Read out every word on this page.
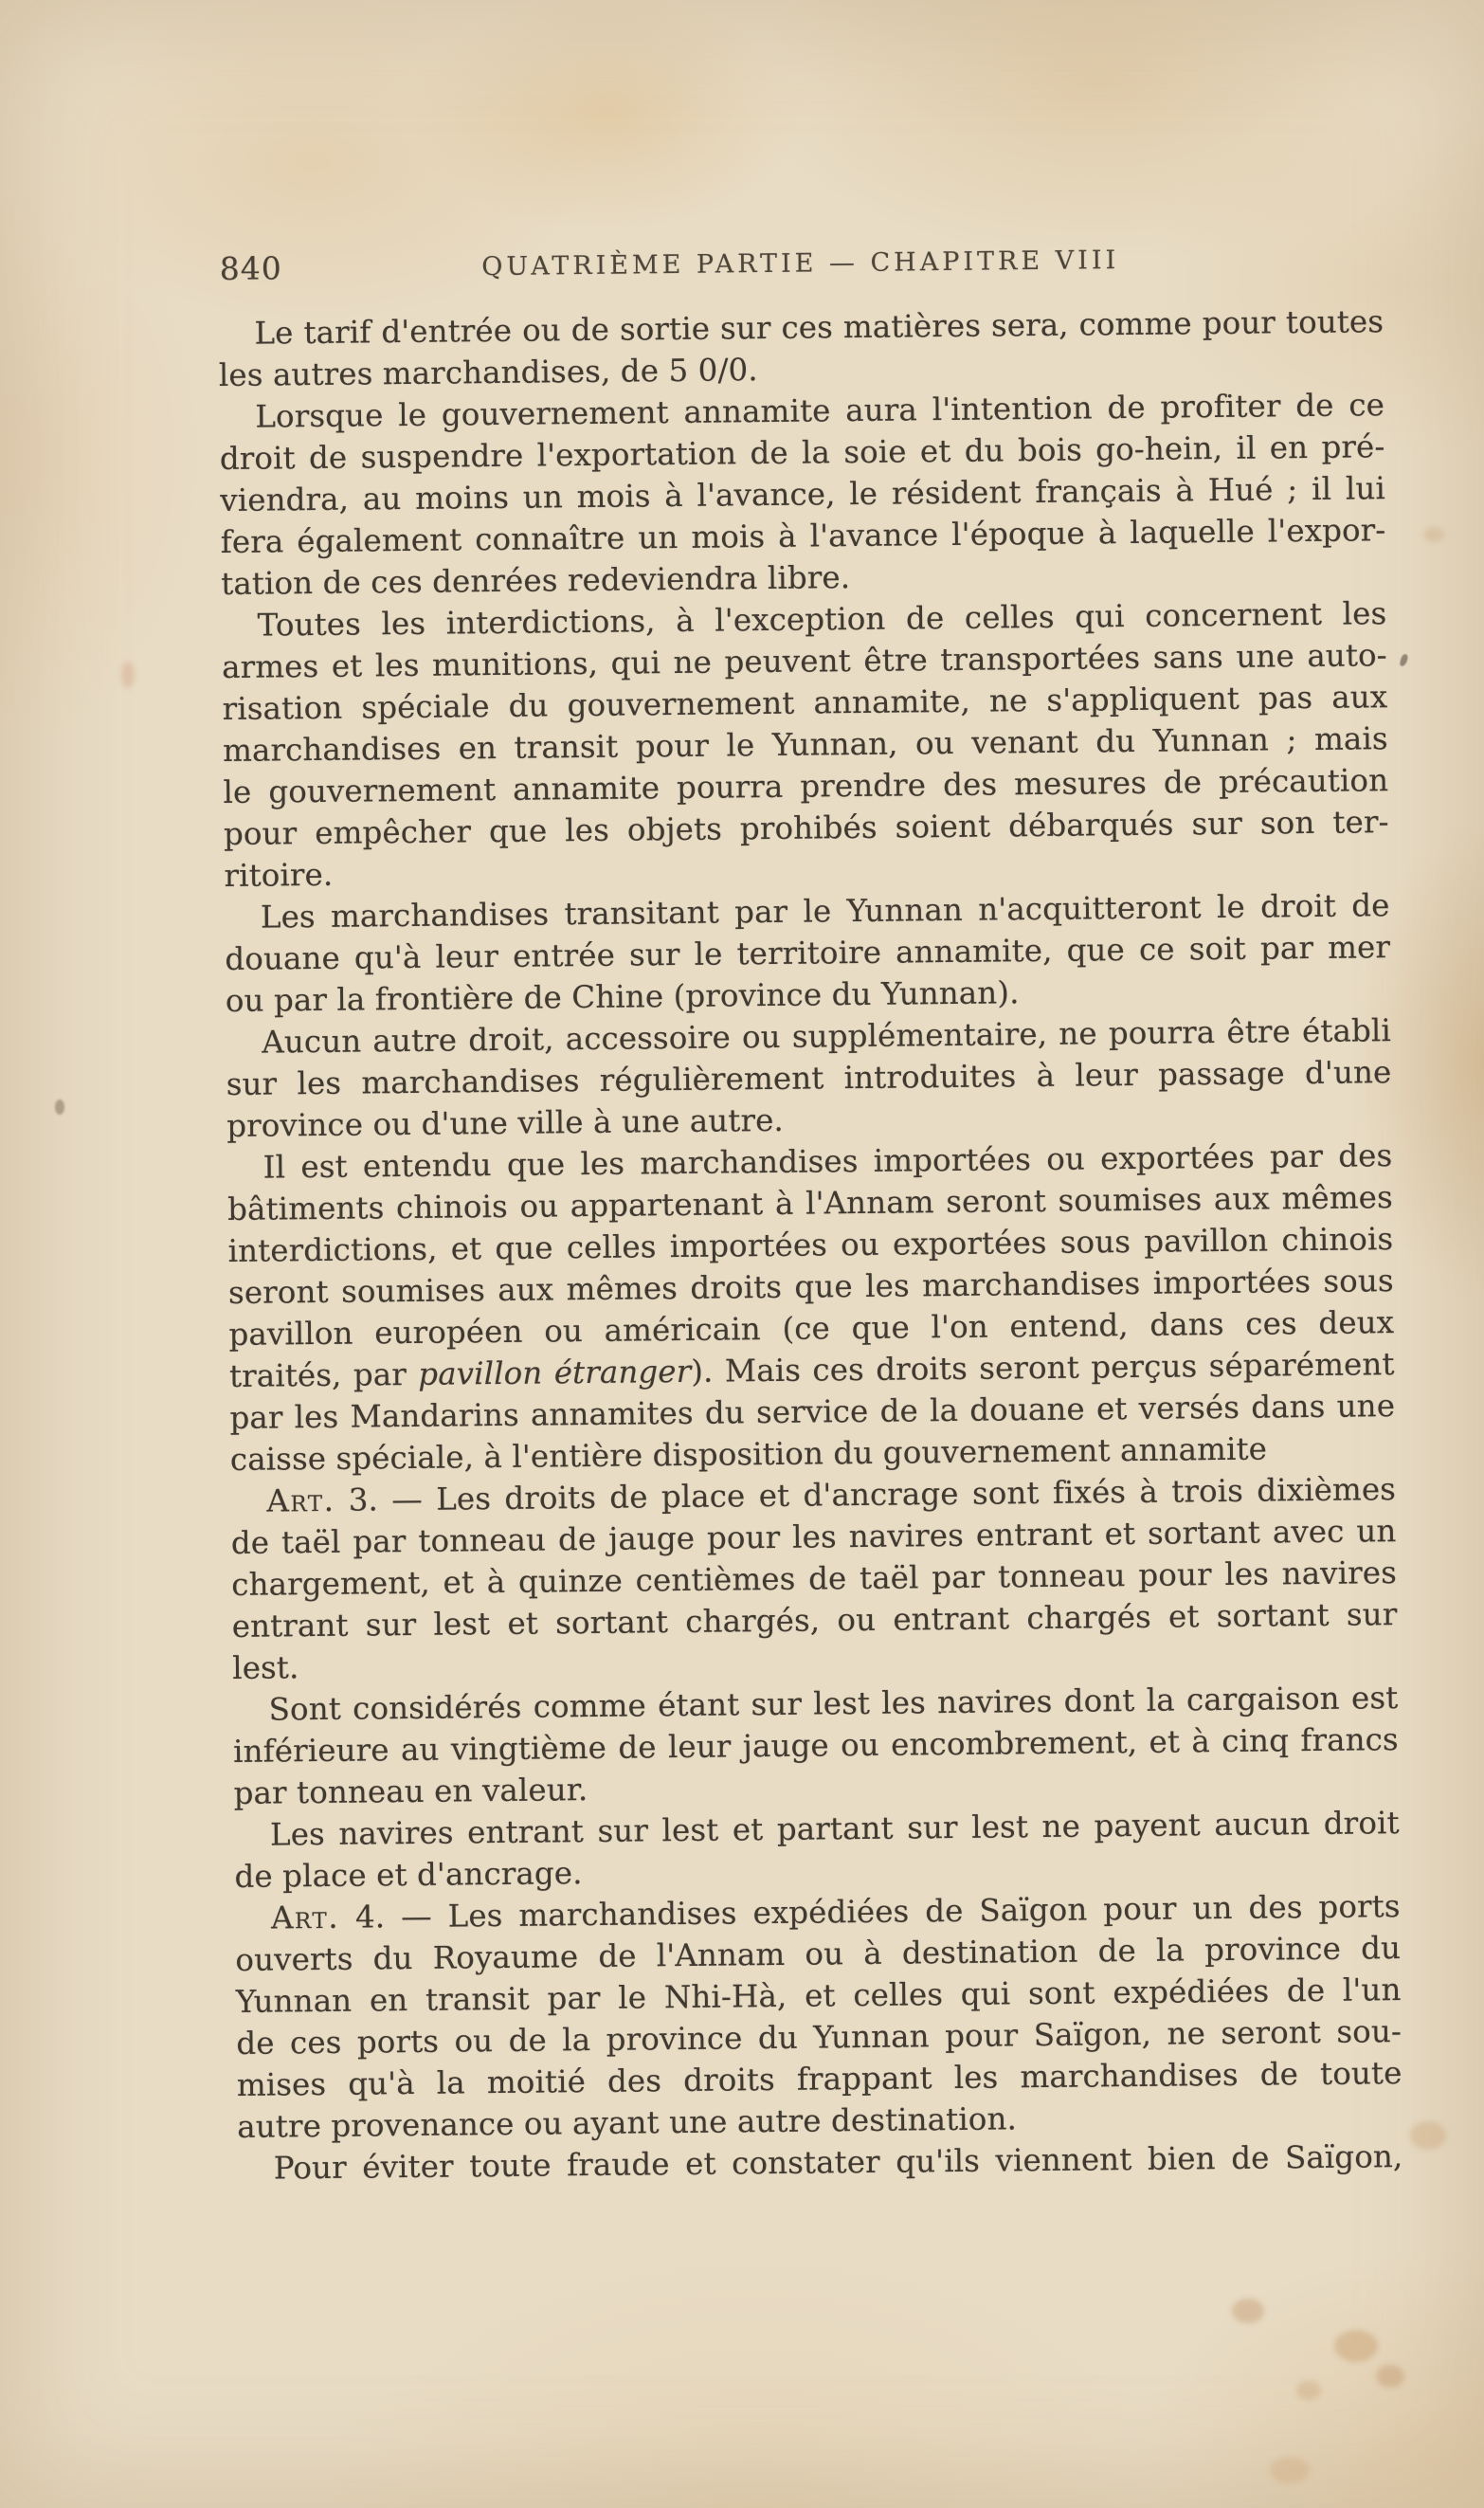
840	QUATRIÈME PARTIE — CHAPITRE VIII
Le tarif d'entrée ou de sortie sur ces matières sera, comme pour toutes
les autres marchandises, de 5 0/0.
Lorsque le gouvernement annamite aura l'intention de profiter de ce
droit de suspendre l'exportation de la soie et du bois go-hein, il en pré-
viendra, au moins un mois à l'avance, le résident français à Hué ; il lui
fera également connaître un mois à l'avance l'époque à laquelle l'expor-
tation de ces denrées redeviendra libre.
Toutes les interdictions, à l'exception de celles qui concernent les
armes et les munitions, qui ne peuvent être transportées sans une auto-
risation spéciale du gouvernement annamite, ne s'appliquent pas aux
marchandises en transit pour le Yunnan, ou venant du Yunnan ; mais
le gouvernement annamite pourra prendre des mesures de précaution
pour empêcher que les objets prohibés soient débarqués sur son ter-
ritoire.
Les marchandises transitant par le Yunnan n'acquitteront le droit de
douane qu'à leur entrée sur le territoire annamite, que ce soit par mer
ou par la frontière de Chine (province du Yunnan).
Aucun autre droit, accessoire ou supplémentaire, ne pourra être établi
sur les marchandises régulièrement introduites à leur passage d'une
province ou d'une ville à une autre.
Il est entendu que les marchandises importées ou exportées par des
bâtiments chinois ou appartenant à l'Annam seront soumises aux mêmes
interdictions, et que celles importées ou exportées sous pavillon chinois
seront soumises aux mêmes droits que les marchandises importées sous
pavillon européen ou américain (ce que l'on entend, dans ces deux
traités, par pavillon étranger). Mais ces droits seront perçus séparément
par les Mandarins annamites du service de la douane et versés dans une
caisse spéciale, à l'entière disposition du gouvernement annamite
Art. 3. — Les droits de place et d'ancrage sont fixés à trois dixièmes
de taël par tonneau de jauge pour les navires entrant et sortant avec un
chargement, et à quinze centièmes de taël par tonneau pour les navires
entrant sur lest et sortant chargés, ou entrant chargés et sortant sur
lest.
Sont considérés comme étant sur lest les navires dont la cargaison est
inférieure au vingtième de leur jauge ou encombrement, et à cinq francs
par tonneau en valeur.
Les navires entrant sur lest et partant sur lest ne payent aucun droit
de place et d'ancrage.
Art. 4. — Les marchandises expédiées de Saïgon pour un des ports
ouverts du Royaume de l'Annam ou à destination de la province du
Yunnan en transit par le Nhi-Hà, et celles qui sont expédiées de l'un
de ces ports ou de la province du Yunnan pour Saïgon, ne seront sou-
mises qu'à la moitié des droits frappant les marchandises de toute
autre provenance ou ayant une autre destination.
Pour éviter toute fraude et constater qu'ils viennent bien de Saïgon,
